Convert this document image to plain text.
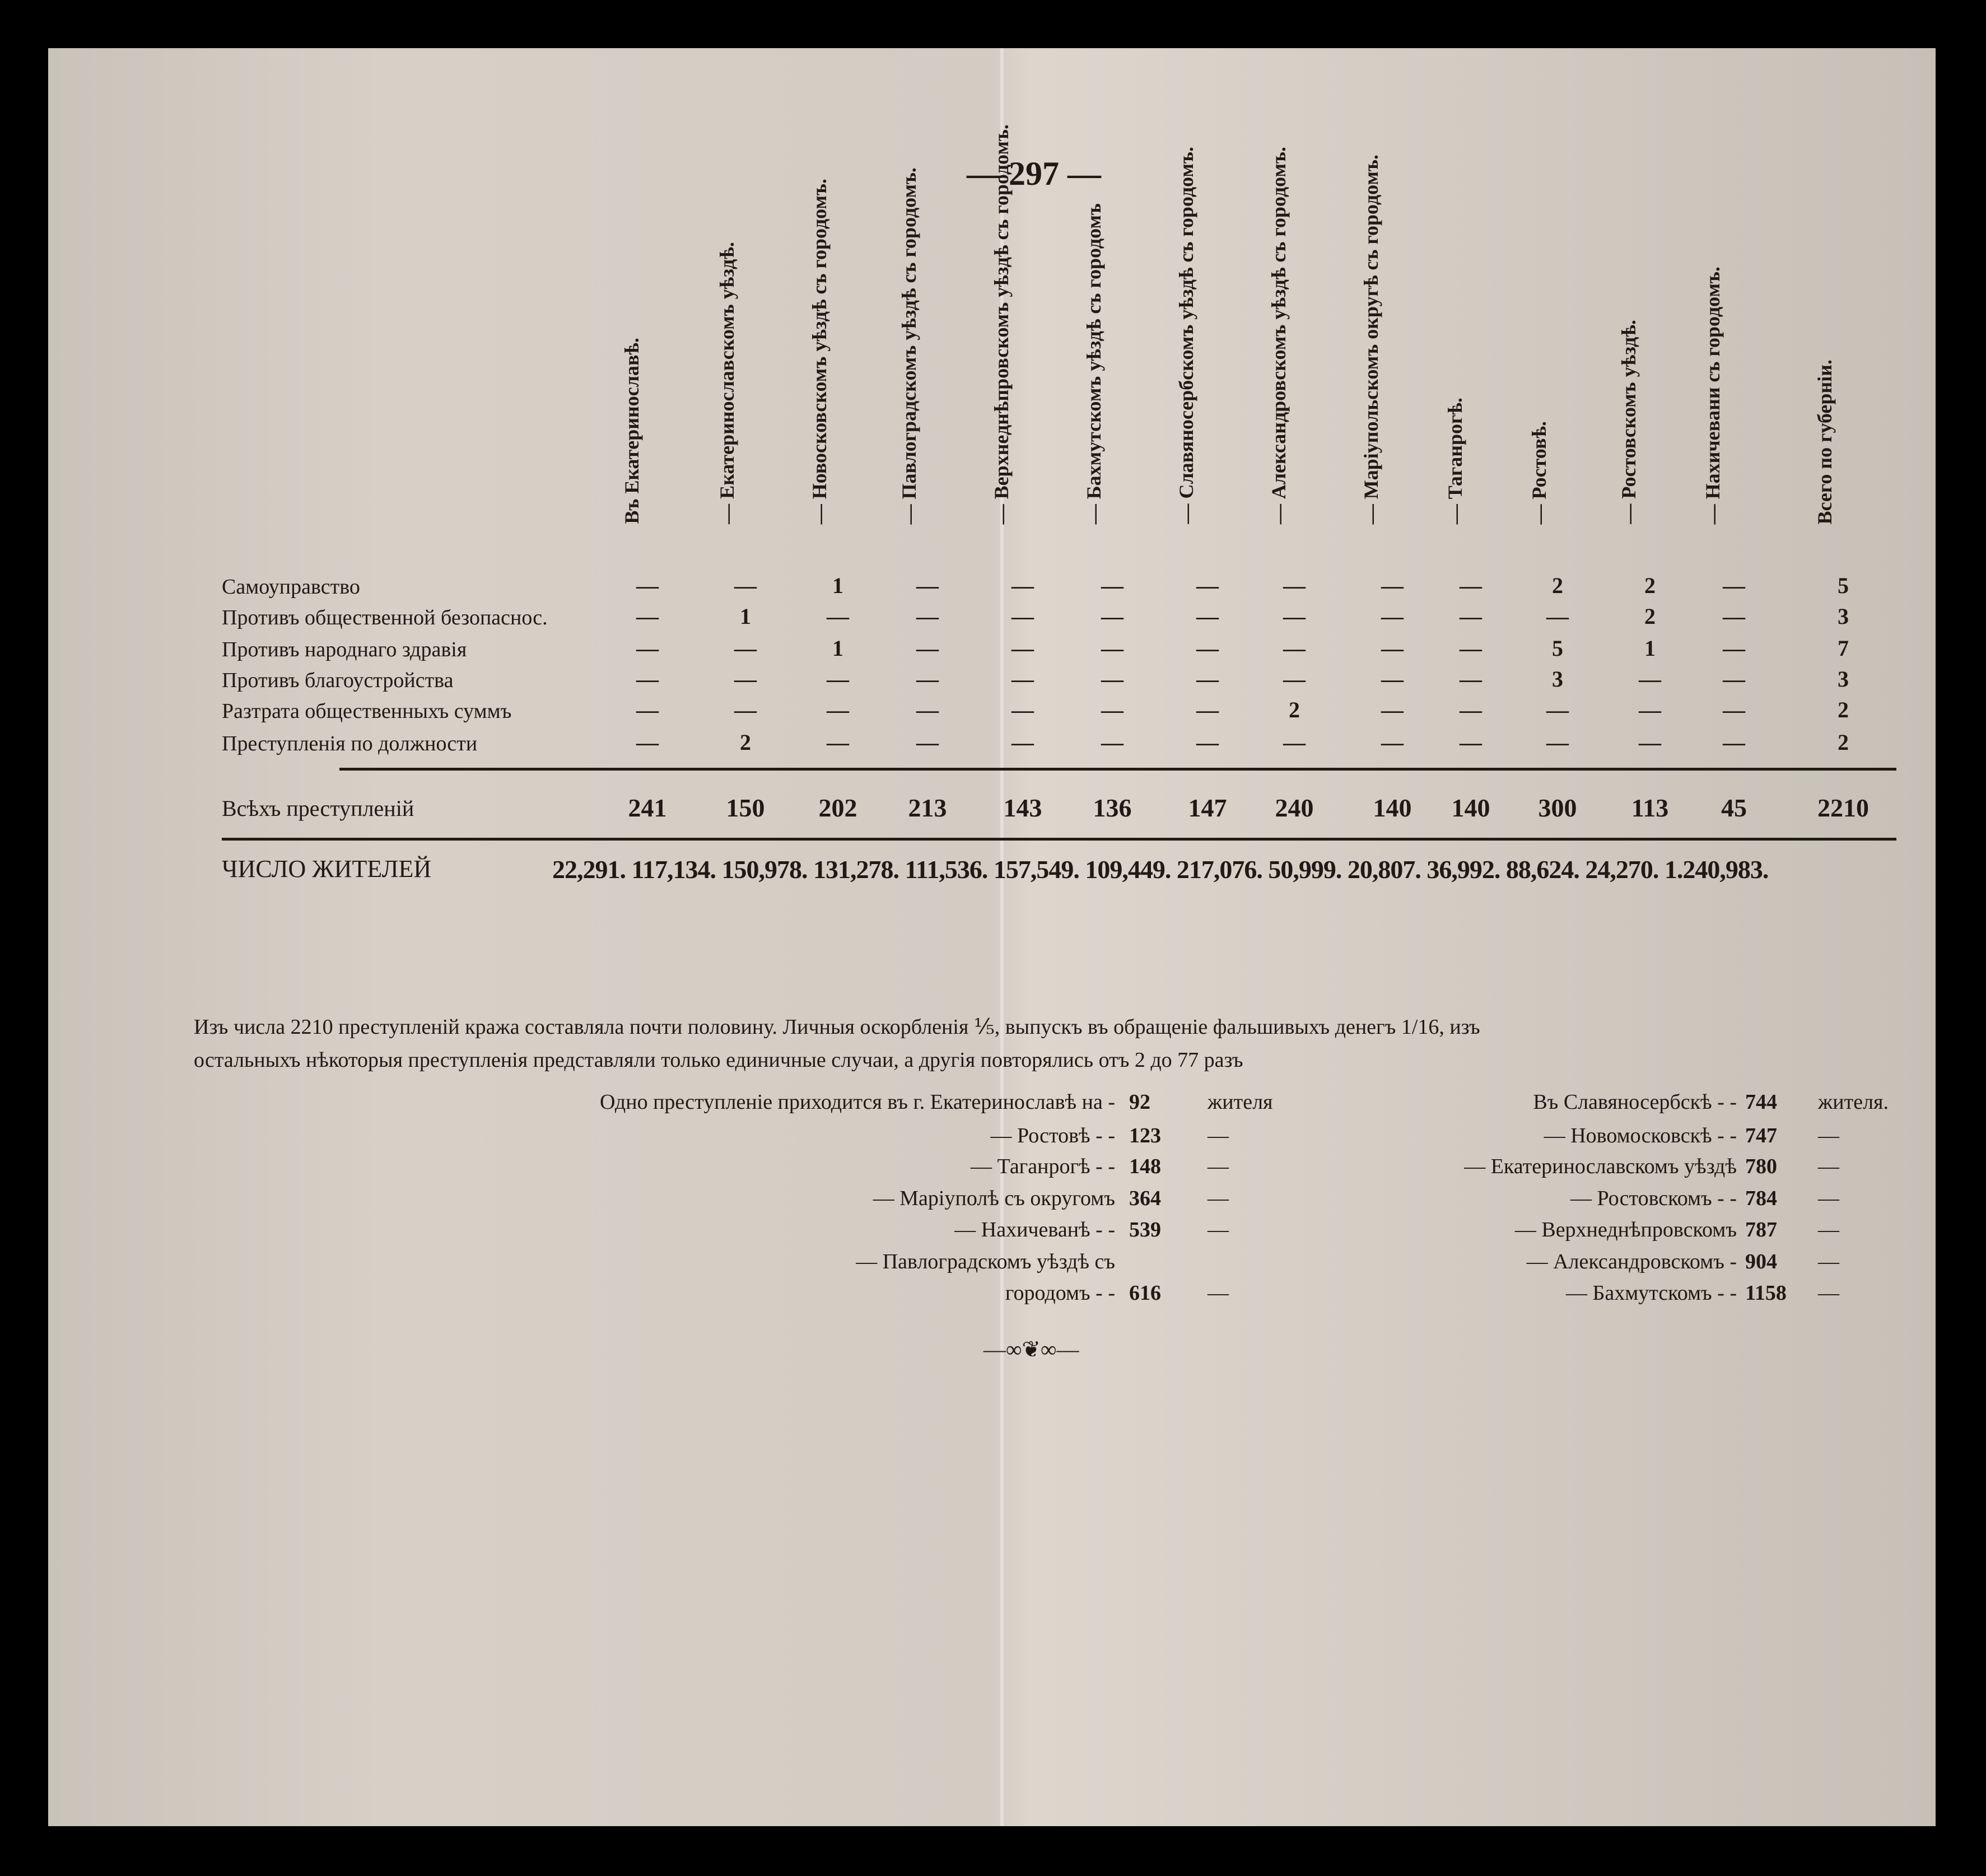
— 297 —
Въ Екатеринославѣ.	— Екатеринославскомъ уѣздѣ.	— Новосковскомъ уѣздѣ съ городомъ.	— Павлоградскомъ уѣздѣ съ городомъ.	— Верхнеднѣпровскомъ уѣздѣ съ городомъ.	— Бахмутскомъ уѣздѣ съ городомъ	— Славяносербскомъ уѣздѣ съ городомъ.	— Александровскомъ уѣздѣ съ городомъ.	— Маріупольскомъ округѣ съ городомъ.	— Таганрогѣ.	— Ростовѣ.	— Ростовскомъ уѣздѣ.	— Нахичевани съ городомъ.	Всего по губерніи.
Самоуправство	—	—	1	—	—	—	—	—	—	—	2	2	—	5
Противъ общественной безопаснос.	—	1	—	—	—	—	—	—	—	—	—	2	—	3
Противъ народнаго здравія	—	—	1	—	—	—	—	—	—	—	5	1	—	7
Противъ благоустройства	—	—	—	—	—	—	—	—	—	—	3	—	—	3
Разтрата общественныхъ суммъ	—	—	—	—	—	—	—	2	—	—	—	—	—	2
Преступленія по должности	—	2	—	—	—	—	—	—	—	—	—	—	—	2
Всѣхъ преступленій	241 150 202 213 143 136 147 240 140 140 300 113 45	2210
ЧИСЛО ЖИТЕЛЕЙ	22,291. 117,134. 150,978. 131,278. 111,536. 157,549. 109,449. 217,076. 50,999. 20,807. 36,992. 88,624. 24,270. 1.240,983.
Изъ числа 2210 преступленій кража составляла почти половину. Личныя оскорбленія ⅕, выпускъ въ обращеніе фальшивыхъ денегъ 1/16, изъ
остальныхъ нѣкоторыя преступленія представляли только единичные случаи, а другія повторялись отъ 2 до 77 разъ
Одно преступленіе приходится въ г. Екатеринославѣ на - 92	жителя
— Ростовѣ - - 123 —
— Таганрогѣ - - 148 —
— Маріуполѣ съ округомъ 364 —
— Нахичеванѣ - - 539 —
— Павлоградскомъ уѣздѣ съ
городомъ - - 616 —
Въ Славяносербскѣ - - 744 жителя.
— Новомосковскѣ - - 747 —
— Екатеринославскомъ уѣздѣ 780 —
— Ростовскомъ - - 784 —
— Верхнеднѣпровскомъ 787 —
— Александровскомъ - 904 —
— Бахмутскомъ - - 1158 —
—∞❦∞—
